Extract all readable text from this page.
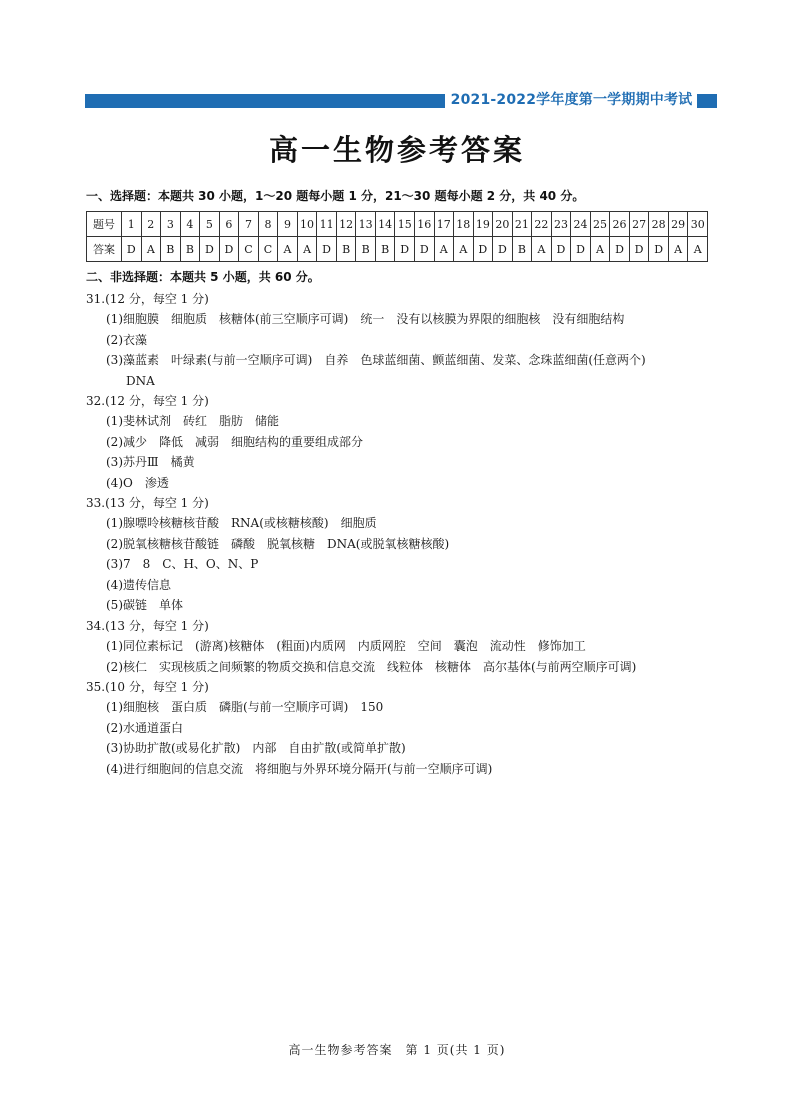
2021-2022学年度第一学期期中考试
高一生物参考答案
一、选择题：本题共 30 小题，1～20 题每小题 1 分，21～30 题每小题 2 分，共 40 分。
题号	1	2	3	4	5	6	7	8	9	10	11	12	13	14	15	16	17	18	19	20	21	22	23	24	25	26	27	28	29	30
答案	D	A	B	B	D	D	C	C	A	A	D	B	B	B	D	D	A	A	D	D	B	A	D	D	A	D	D	D	A	A
二、非选择题：本题共 5 小题，共 60 分。
31.(12 分，每空 1 分)
(1)细胞膜　细胞质　核糖体(前三空顺序可调)　统一　没有以核膜为界限的细胞核　没有细胞结构
(2)衣藻
(3)藻蓝素　叶绿素(与前一空顺序可调)　自养　色球蓝细菌、颤蓝细菌、发菜、念珠蓝细菌(任意两个)
DNA
32.(12 分，每空 1 分)
(1)斐林试剂　砖红　脂肪　储能
(2)减少　降低　减弱　细胞结构的重要组成部分
(3)苏丹Ⅲ　橘黄
(4)O　渗透
33.(13 分，每空 1 分)
(1)腺嘌呤核糖核苷酸　RNA(或核糖核酸)　细胞质
(2)脱氧核糖核苷酸链　磷酸　脱氧核糖　DNA(或脱氧核糖核酸)
(3)7　8　C、H、O、N、P
(4)遗传信息
(5)碳链　单体
34.(13 分，每空 1 分)
(1)同位素标记　(游离)核糖体　(粗面)内质网　内质网腔　空间　囊泡　流动性　修饰加工
(2)核仁　实现核质之间频繁的物质交换和信息交流　线粒体　核糖体　高尔基体(与前两空顺序可调)
35.(10 分，每空 1 分)
(1)细胞核　蛋白质　磷脂(与前一空顺序可调)　150
(2)水通道蛋白
(3)协助扩散(或易化扩散)　内部　自由扩散(或简单扩散)
(4)进行细胞间的信息交流　将细胞与外界环境分隔开(与前一空顺序可调)
高一生物参考答案　第 1 页(共 1 页)
